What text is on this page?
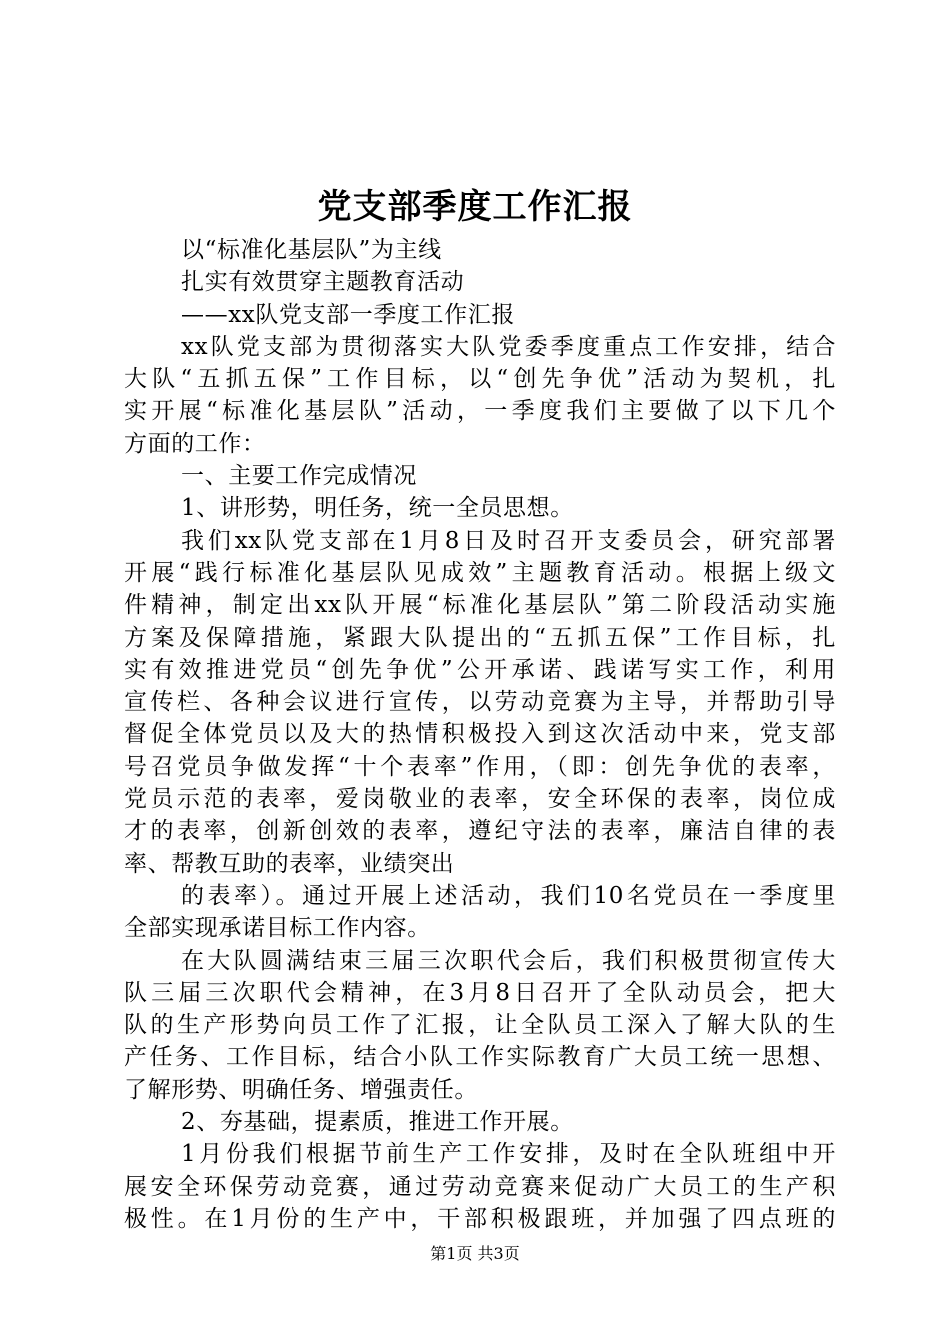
党支部季度工作汇报
以“标准化基层队”为主线
扎实有效贯穿主题教育活动
——xx队党支部一季度工作汇报
xx队党支部为贯彻落实大队党委季度重点工作安排，结合
大队“五抓五保”工作目标，以“创先争优”活动为契机，扎
实开展“标准化基层队”活动，一季度我们主要做了以下几个
方面的工作：
一、主要工作完成情况
1、讲形势，明任务，统一全员思想。
我们xx队党支部在1月8日及时召开支委员会，研究部署
开展“践行标准化基层队见成效”主题教育活动。根据上级文
件精神，制定出xx队开展“标准化基层队”第二阶段活动实施
方案及保障措施，紧跟大队提出的“五抓五保”工作目标，扎
实有效推进党员“创先争优”公开承诺、践诺写实工作，利用
宣传栏、各种会议进行宣传，以劳动竞赛为主导，并帮助引导
督促全体党员以及大的热情积极投入到这次活动中来，党支部
号召党员争做发挥“十个表率”作用，（即：创先争优的表率，
党员示范的表率，爱岗敬业的表率，安全环保的表率，岗位成
才的表率，创新创效的表率，遵纪守法的表率，廉洁自律的表
率、帮教互助的表率，业绩突出
的表率）。通过开展上述活动，我们10名党员在一季度里
全部实现承诺目标工作内容。
在大队圆满结束三届三次职代会后，我们积极贯彻宣传大
队三届三次职代会精神，在3月8日召开了全队动员会，把大
队的生产形势向员工作了汇报，让全队员工深入了解大队的生
产任务、工作目标，结合小队工作实际教育广大员工统一思想、
了解形势、明确任务、增强责任。
2、夯基础，提素质，推进工作开展。
1月份我们根据节前生产工作安排，及时在全队班组中开
展安全环保劳动竞赛，通过劳动竞赛来促动广大员工的生产积
极性。在1月份的生产中，干部积极跟班，并加强了四点班的
第1页 共3页
